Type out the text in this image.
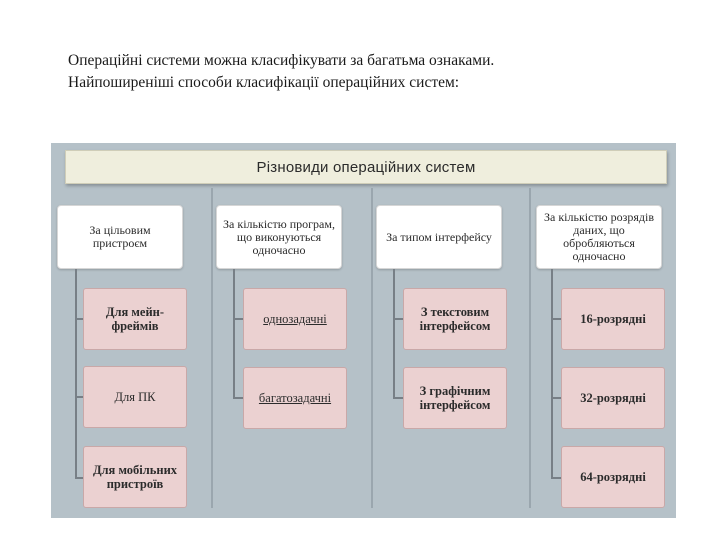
Операційні системи можна класифікувати за багатьма ознаками.
Найпоширеніші способи класифікації операційних систем:
Різновиди операційних систем
За цільовим пристроєм
Для мейн-фреймів
Для ПК
Для мобільних пристроїв
За кількістю програм, що виконуються одночасно
однозадачні
багатозадачні
За типом інтерфейсу
З текстовим інтерфейсом
З графічним інтерфейсом
За кількістю розрядів даних, що обробляються одночасно
16-розрядні
32-розрядні
64-розрядні
